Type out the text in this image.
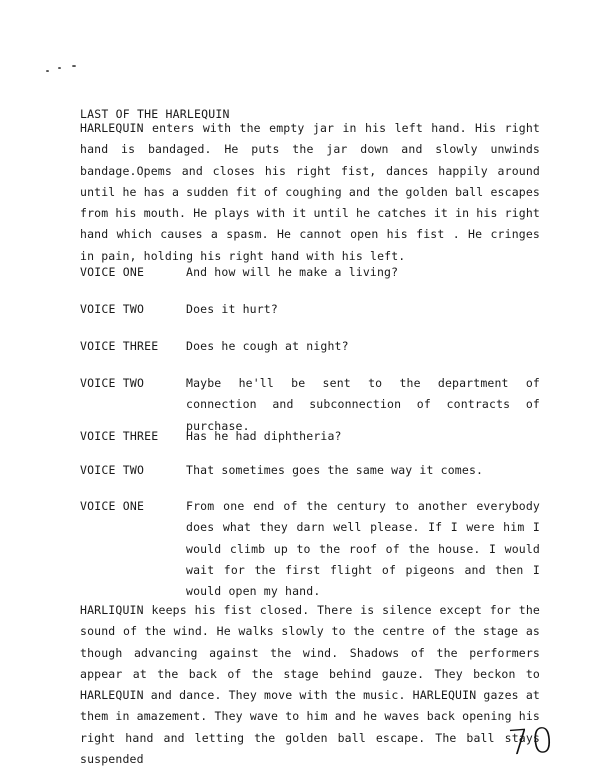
LAST OF THE HARLEQUIN

HARLEQUIN enters with the empty jar in his left hand. His right hand is bandaged. He puts the jar down and slowly unwinds bandage.Opems and closes his right fist, dances happily around until he has a sudden fit of coughing and the golden ball escapes from his mouth. He plays with it until he catches it in his right hand which causes a spasm. He cannot open his fist . He cringes in pain, holding his right hand with his left.

VOICE ONE	And how will he make a living?
VOICE TWO	Does it hurt?
VOICE THREE	Does he cough at night?
VOICE TWO	Maybe he'll be sent to the department of connection and subconnection of contracts of purchase.
VOICE THREE	Has he had diphtheria?
VOICE TWO	That sometimes goes the same way it comes.
VOICE ONE	From one end of the century to another everybody does what they darn well please. If I were him I would climb up to the roof of the house. I would wait for the first flight of pigeons and then I would open my hand.

HARLIQUIN keeps his fist closed. There is silence except for the sound of the wind. He walks slowly to the centre of the stage as though advancing against the wind. Shadows of the performers appear at the back of the stage behind gauze. They beckon to HARLEQUIN and dance. They move with the music. HARLEQUIN gazes at them in amazement. They wave to him and he waves back opening his right hand and letting the golden ball escape. The ball stays suspended	70
